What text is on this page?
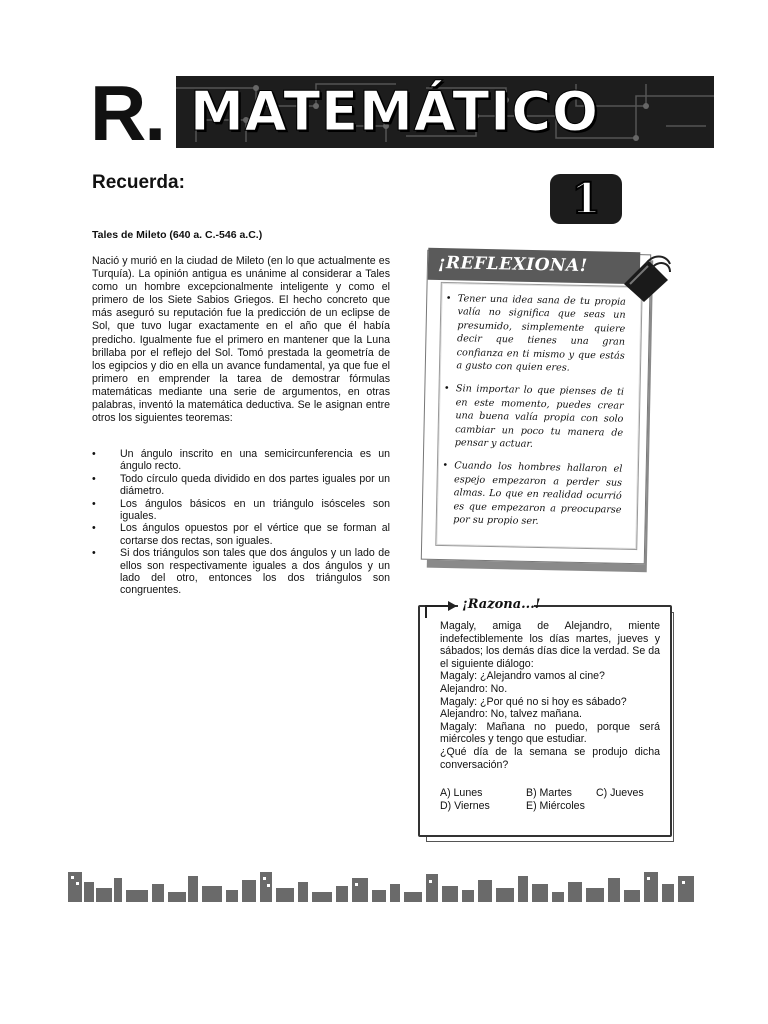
R. MATEMÁTICO
Recuerda:	1
Tales de Mileto (640 a. C.-546 a.C.)
Nació y murió en la ciudad de Mileto (en lo que actualmente es Turquía). La opinión antigua es unánime al considerar a Tales como un hombre excepcionalmente inteligente y como el primero de los Siete Sabios Griegos. El hecho concreto que más aseguró su reputación fue la predicción de un eclipse de Sol, que tuvo lugar exactamente en el año que él había predicho. Igualmente fue el primero en mantener que la Luna brillaba por el reflejo del Sol. Tomó prestada la geometría de los egipcios y dio en ella un avance fundamental, ya que fue el primero en emprender la tarea de demostrar fórmulas matemáticas mediante una serie de argumentos, en otras palabras, inventó la matemática deductiva. Se le asignan entre otros los siguientes teoremas:
• Un ángulo inscrito en una semicircunferencia es un ángulo recto.
• Todo círculo queda dividido en dos partes iguales por un diámetro.
• Los ángulos básicos en un triángulo isósceles son iguales.
• Los ángulos opuestos por el vértice que se forman al cortarse dos rectas, son iguales.
• Si dos triángulos son tales que dos ángulos y un lado de ellos son respectivamente iguales a dos ángulos y un lado del otro, entonces los dos triángulos son congruentes.
¡REFLEXIONA!
• Tener una idea sana de tu propia valía no significa que seas un presumido, simplemente quiere decir que tienes una gran confianza en ti mismo y que estás a gusto con quien eres.
• Sin importar lo que pienses de ti en este momento, puedes crear una buena valía propia con solo cambiar un poco tu manera de pensar y actuar.
• Cuando los hombres hallaron el espejo empezaron a perder sus almas. Lo que en realidad ocurrió es que empezaron a preocuparse por su propio ser.
¡Razona...!

Magaly, amiga de Alejandro, miente indefectiblemente los días martes, jueves y sábados; los demás días dice la verdad. Se da el siguiente diálogo:

Magaly: ¿Alejandro vamos al cine?

Alejandro: No.

Magaly: ¿Por qué no si hoy es sábado?

Alejandro: No, talvez mañana.

Magaly: Mañana no puedo, porque será miércoles y tengo que estudiar.

¿Qué día de la semana se produjo dicha conversación?

A) Lunes	B) Martes C) Jueves
D) Viernes	E) Miércoles
